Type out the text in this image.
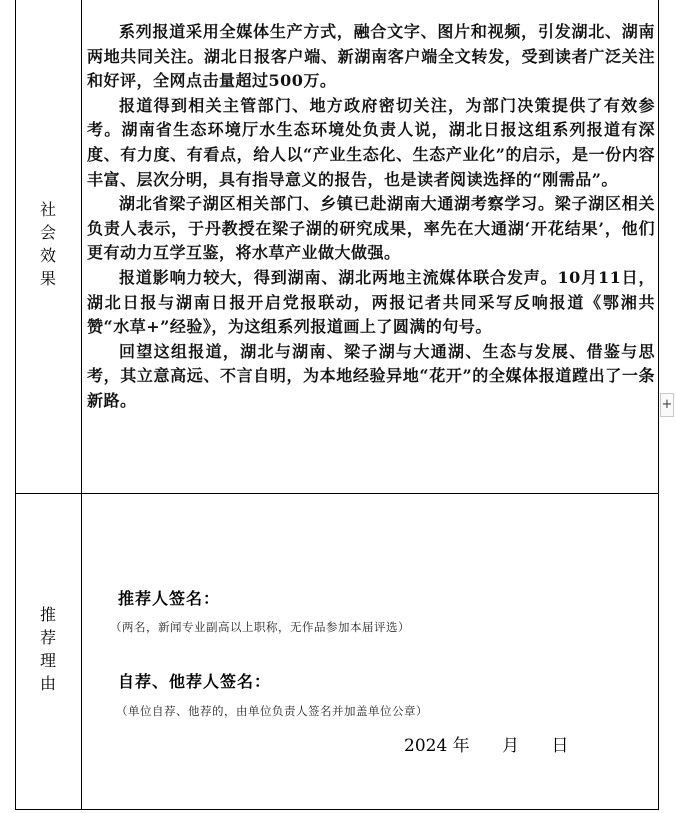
社
会
效
果

系列报道采用全媒体生产方式，融合文字、图片和视频，引发湖北、湖南两地共同关注。湖北日报客户端、新湖南客户端全文转发，受到读者广泛关注和好评，全网点击量超过500万。

报道得到相关主管部门、地方政府密切关注，为部门决策提供了有效参考。湖南省生态环境厅水生态环境处负责人说，湖北日报这组系列报道有深度、有力度、有看点，给人以“产业生态化、生态产业化”的启示，是一份内容丰富、层次分明，具有指导意义的报告，也是读者阅读选择的“刚需品”。

湖北省梁子湖区相关部门、乡镇已赴湖南大通湖考察学习。梁子湖区相关负责人表示，于丹教授在梁子湖的研究成果，率先在大通湖‘开花结果’，他们更有动力互学互鉴，将水草产业做大做强。

报道影响力较大，得到湖南、湖北两地主流媒体联合发声。10月11日，湖北日报与湖南日报开启党报联动，两报记者共同采写反响报道《鄂湘共赞“水草+”经验》，为这组系列报道画上了圆满的句号。

回望这组报道，湖北与湖南、梁子湖与大通湖、生态与发展、借鉴与思考，其立意高远、不言自明，为本地经验异地“花开”的全媒体报道蹚出了一条新路。

推
荐
理
由
推荐人签名：
（两名，新闻专业副高以上职称，无作品参加本届评选）
自荐、他荐人签名：
（单位自荐、他荐的，由单位负责人签名并加盖单位公章）
2024 年 月 日
+
